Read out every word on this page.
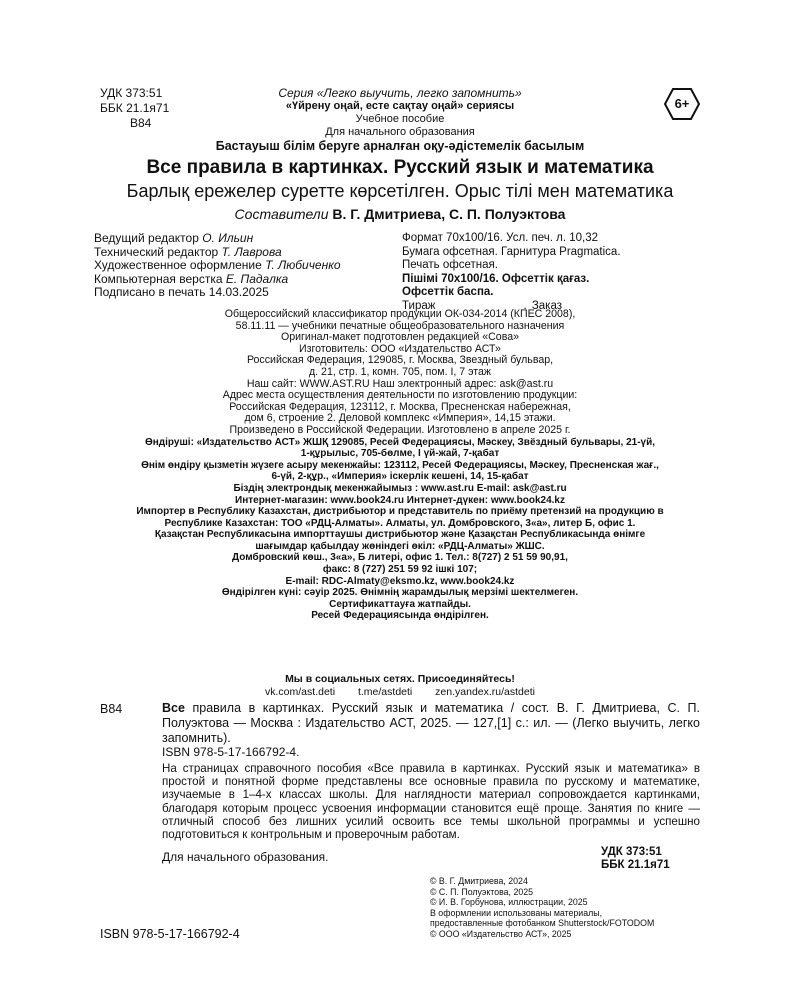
УДК 373:51
ББК 21.1я71
В84
Серия «Легко выучить, легко запомнить»
«Үйрену оңай, есте сақтау оңай» сериясы
Учебное пособие
Для начального образования
Бастауыш білім беруге арналған оқу-әдістемелік басылым
6+
Все правила в картинках. Русский язык и математика
Барлық ережелер суретте көрсетілген. Орыс тілі мен математика
Составители В. Г. Дмитриева, С. П. Полуэктова
Ведущий редактор О. Ильин
Технический редактор Т. Лаврова
Художественное оформление Т. Любиченко
Компьютерная верстка Е. Падалка
Подписано в печать 14.03.2025
Формат 70x100/16. Усл. печ. л. 10,32
Бумага офсетная. Гарнитура Pragmatica.
Печать офсетная.
Пішімі 70x100/16. Офсеттік қағаз.
Офсеттік баспа.
Тираж	. Заказ
Общероссийский классификатор продукции ОК-034-2014 (КПЕС 2008),
58.11.11 — учебники печатные общеобразовательного назначения
Оригинал-макет подготовлен редакцией «Сова»
Изготовитель: ООО «Издательство АСТ»
Российская Федерация, 129085, г. Москва, Звездный бульвар,
д. 21, стр. 1, комн. 705, пом. I, 7 этаж
Наш сайт: WWW.AST.RU Наш электронный адрес: ask@ast.ru
Адрес места осуществления деятельности по изготовлению продукции:
Российская Федерация, 123112, г. Москва, Пресненская набережная,
дом 6, строение 2. Деловой комплекс «Империя», 14,15 этажи.
Произведено в Российской Федерации. Изготовлено в апреле 2025 г.
Өндіруші: «Издательство АСТ» ЖШҚ 129085, Ресей Федерациясы, Мәскеу, Звёздный бульвары, 21-үй,
1-құрылыс, 705-бөлме, I үй-жай, 7-қабат
Өнім өндіру қызметін жүзеге асыру мекенжайы: 123112, Ресей Федерациясы, Мәскеу, Пресненская жағ.,
6-үй, 2-құр., «Империя» іскерлік кешені, 14, 15-қабат
Біздің электрондық мекенжайымыз : www.ast.ru E-mail: ask@ast.ru
Интернет-магазин: www.book24.ru Интернет-дүкен: www.book24.kz
Импортер в Республику Казахстан, дистрибьютор и представитель по приёму претензий на продукцию в
Республике Казахстан: ТОО «РДЦ-Алматы». Алматы, ул. Домбровского, 3«а», литер Б, офис 1.
Қазақстан Республикасына импорттаушы дистрибьютор және Қазақстан Республикасында өнімге
шағымдар қабылдау жөніндегі өкіл: «РДЦ-Алматы» ЖШС.
Домбровский көш., 3«а», Б литері, офис 1. Тел.: 8(727) 2 51 59 90,91,
факс: 8 (727) 251 59 92 ішкі 107;
E-mail: RDC-Almaty@eksmo.kz, www.book24.kz
Өндірілген күні: сәуір 2025. Өнімнің жарамдылық мерзімі шектелмеген.
Сертификаттауға жатпайды.
Ресей Федерациясында өндірілген.
Мы в социальных сетях. Присоединяйтесь!
vk.com/ast.deti t.me/astdeti zen.yandex.ru/astdeti
В84	Все правила в картинках. Русский язык и математика / сост. В. Г. Дмитриева, С. П. Полуэктова — Москва : Издательство АСТ, 2025. — 127,[1] с.: ил. — (Легко выучить, легко запомнить).
ISBN 978-5-17-166792-4.

На страницах справочного пособия «Все правила в картинках. Русский язык и математика» в простой и понятной форме представлены все основные правила по русскому и математике, изучаемые в 1–4-х классах школы. Для наглядности материал сопровождается картинками, благодаря которым процесс усвоения информации становится ещё проще. Занятия по книге — отличный способ без лишних усилий освоить все темы школьной программы и успешно подготовиться к контрольным и проверочным работам.

Для начального образования.	УДК 373:51
ББК 21.1я71
© В. Г. Дмитриева, 2024
© С. П. Полуэктова, 2025
© И. В. Горбунова, иллюстрации, 2025
В оформлении использованы материалы,
предоставленные фотобанком Shutterstock/FOTODOM
© ООО «Издательство АСТ», 2025
ISBN 978-5-17-166792-4
